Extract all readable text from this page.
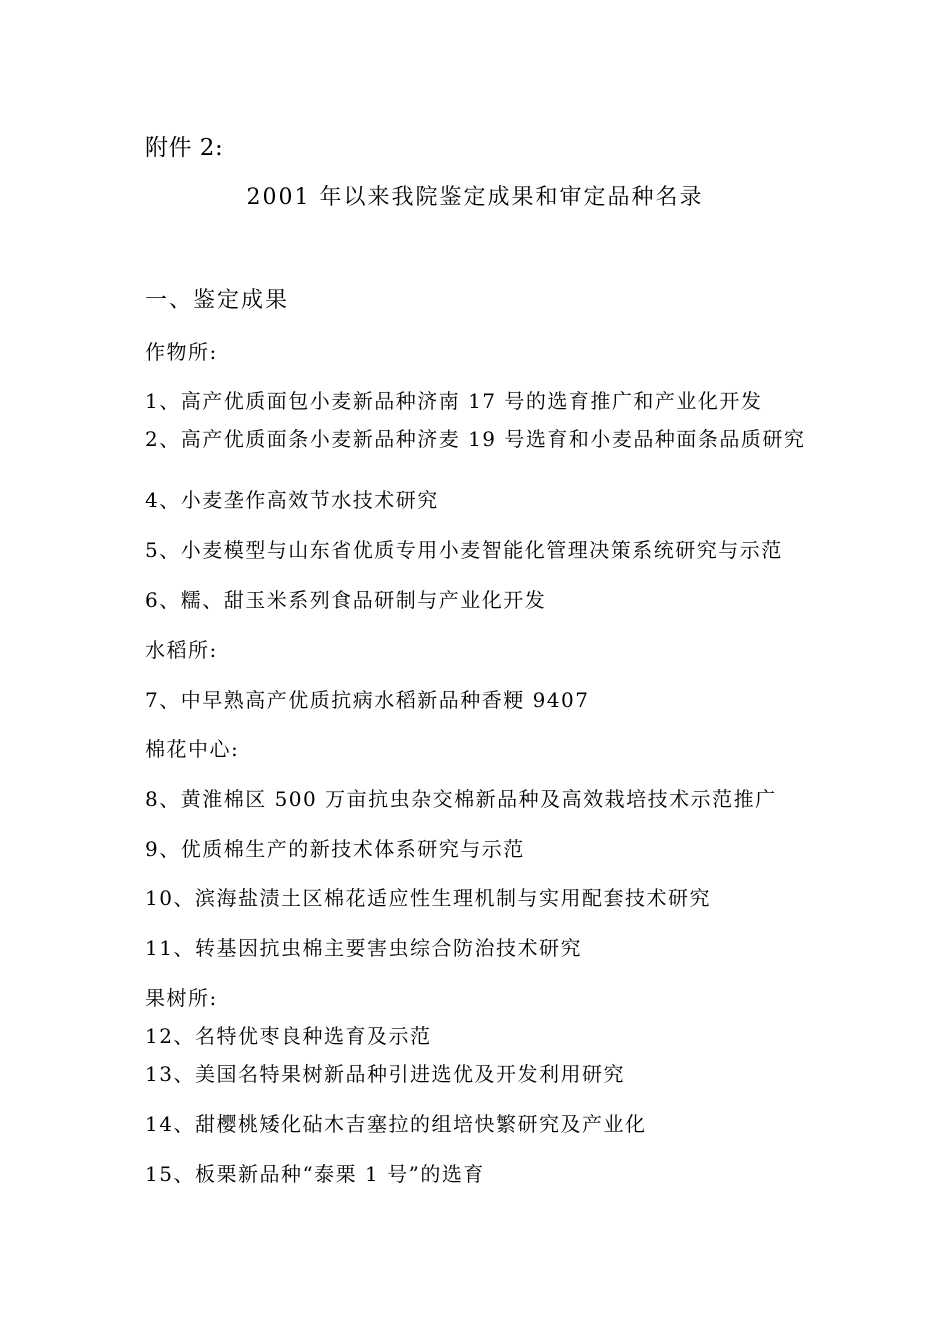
附件 2:
2001 年以来我院鉴定成果和审定品种名录
一、鉴定成果
作物所:
1、高产优质面包小麦新品种济南 17 号的选育推广和产业化开发
2、高产优质面条小麦新品种济麦 19 号选育和小麦品种面条品质研究
4、小麦垄作高效节水技术研究
5、小麦模型与山东省优质专用小麦智能化管理决策系统研究与示范
6、糯、甜玉米系列食品研制与产业化开发
水稻所:
7、中早熟高产优质抗病水稻新品种香粳 9407
棉花中心:
8、黄淮棉区 500 万亩抗虫杂交棉新品种及高效栽培技术示范推广
9、优质棉生产的新技术体系研究与示范
10、滨海盐渍土区棉花适应性生理机制与实用配套技术研究
11、转基因抗虫棉主要害虫综合防治技术研究
果树所:
12、名特优枣良种选育及示范
13、美国名特果树新品种引进选优及开发利用研究
14、甜樱桃矮化砧木吉塞拉的组培快繁研究及产业化
15、板栗新品种“泰栗 1 号”的选育
